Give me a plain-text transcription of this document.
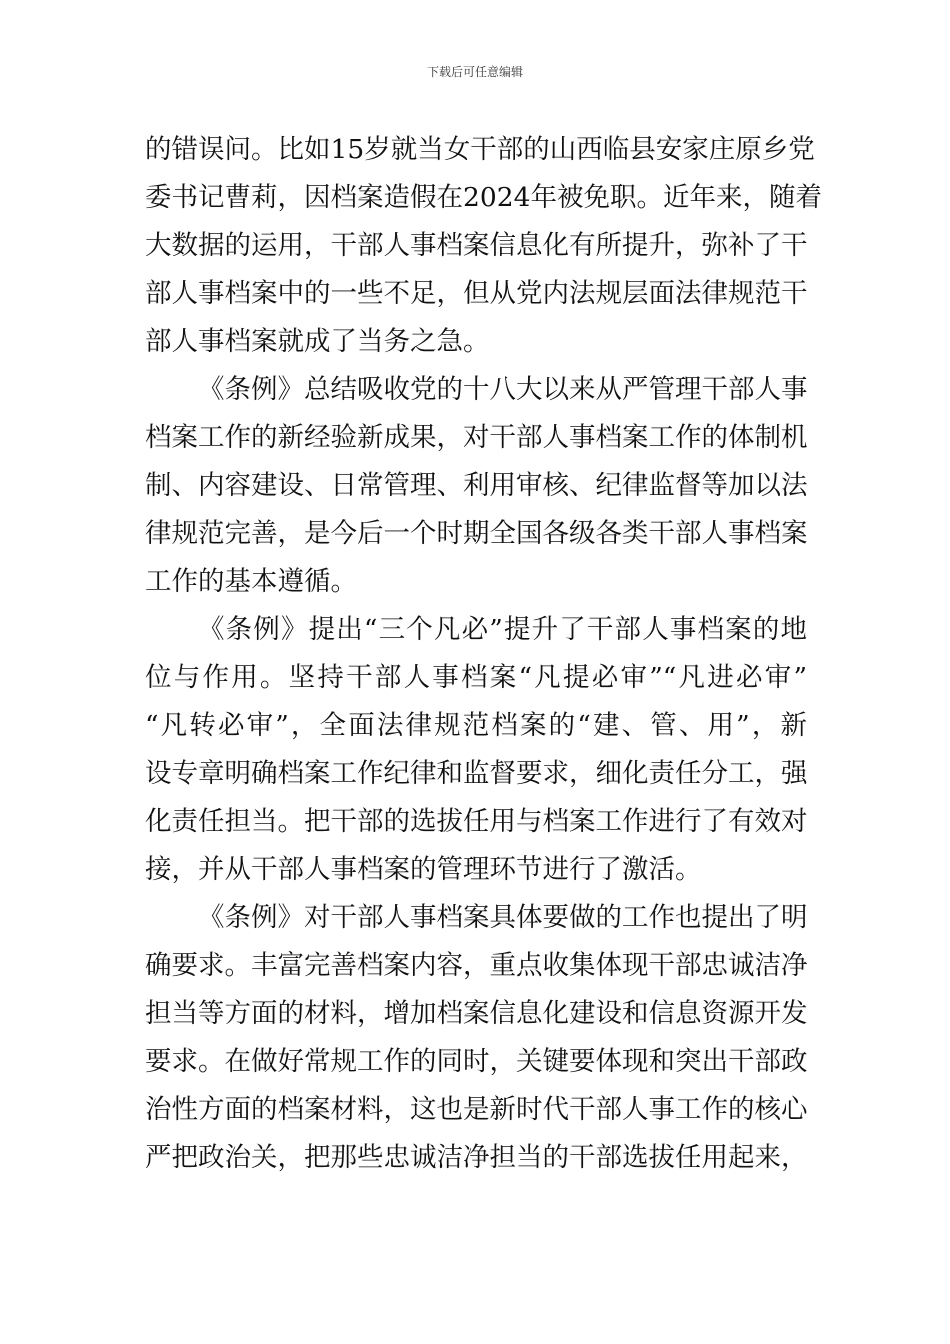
下载后可任意编辑
的错误问。比如15岁就当女干部的山西临县安家庄原乡党
委书记曹莉，因档案造假在2024年被免职。近年来，随着
大数据的运用，干部人事档案信息化有所提升，弥补了干
部人事档案中的一些不足，但从党内法规层面法律规范干
部人事档案就成了当务之急。
《条例》总结吸收党的十八大以来从严管理干部人事
档案工作的新经验新成果，对干部人事档案工作的体制机
制、内容建设、日常管理、利用审核、纪律监督等加以法
律规范完善，是今后一个时期全国各级各类干部人事档案
工作的基本遵循。
《条例》提出“三个凡必”提升了干部人事档案的地
位与作用。坚持干部人事档案“凡提必审”“凡进必审”
“凡转必审”，全面法律规范档案的“建、管、用”，新
设专章明确档案工作纪律和监督要求，细化责任分工，强
化责任担当。把干部的选拔任用与档案工作进行了有效对
接，并从干部人事档案的管理环节进行了激活。
《条例》对干部人事档案具体要做的工作也提出了明
确要求。丰富完善档案内容，重点收集体现干部忠诚洁净
担当等方面的材料，增加档案信息化建设和信息资源开发
要求。在做好常规工作的同时，关键要体现和突出干部政
治性方面的档案材料，这也是新时代干部人事工作的核心
严把政治关，把那些忠诚洁净担当的干部选拔任用起来，
